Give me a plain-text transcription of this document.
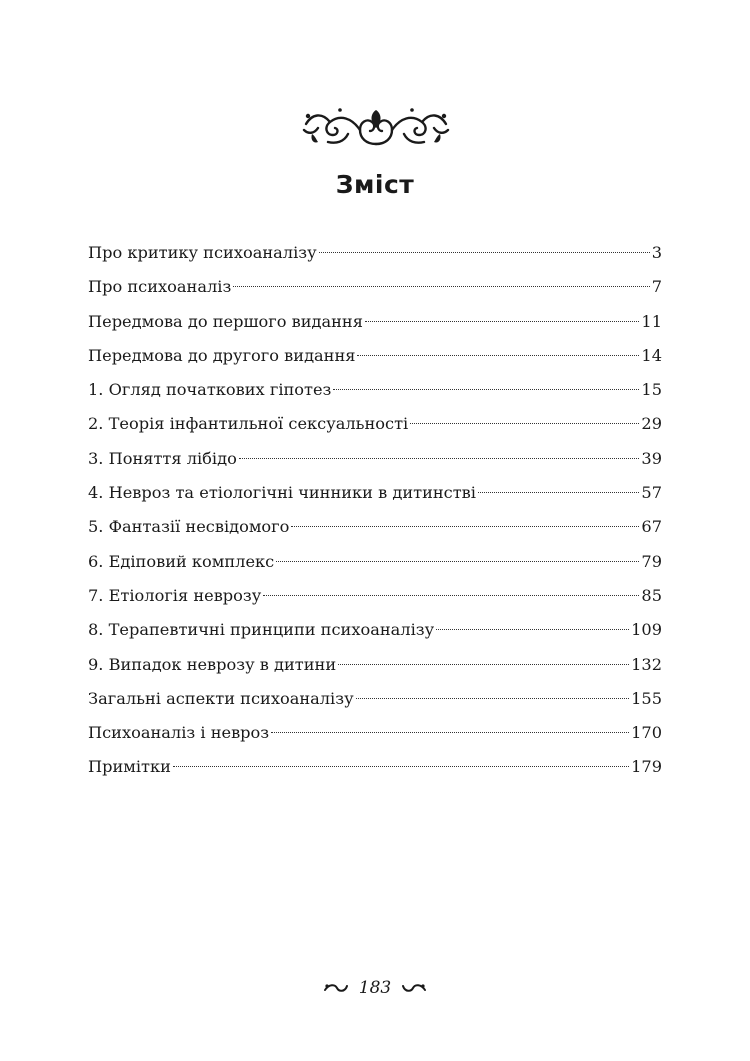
Зміст
Про критику психоаналізу	3
Про психоаналіз	7
Передмова до першого видання	11
Передмова до другого видання	14
1. Огляд початкових гіпотез	15
2. Теорія інфантильної сексуальності	29
3. Поняття лібідо	39
4. Невроз та етіологічні чинники в дитинстві	57
5. Фантазії несвідомого	67
6. Едіповий комплекс	79
7. Етіологія неврозу	85
8. Терапевтичні принципи психоаналізу	109
9. Випадок неврозу в дитини	132
Загальні аспекти психоаналізу	155
Психоаналіз і невроз	170
Примітки	179
183
